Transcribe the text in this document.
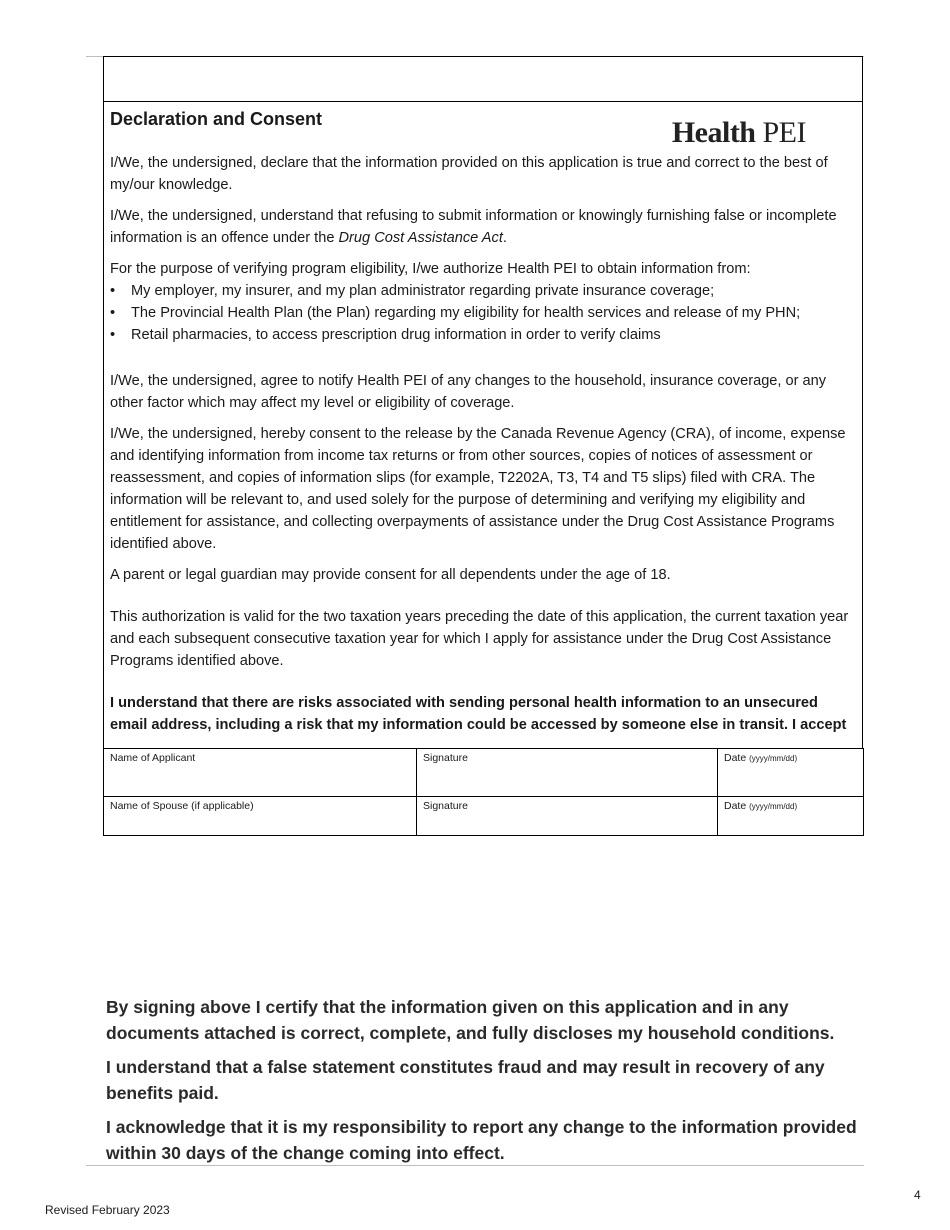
Declaration and Consent	Health PEI

I/We, the undersigned, declare that the information provided on this application is true and correct to the best of my/our knowledge.

I/We, the undersigned, understand that refusing to submit information or knowingly furnishing false or incomplete information is an offence under the Drug Cost Assistance Act.

For the purpose of verifying program eligibility, I/we authorize Health PEI to obtain information from:

• My employer, my insurer, and my plan administrator regarding private insurance coverage;
• The Provincial Health Plan (the Plan) regarding my eligibility for health services and release of my PHN;
• Retail pharmacies, to access prescription drug information in order to verify claims

I/We, the undersigned, agree to notify Health PEI of any changes to the household, insurance coverage, or any other factor which may affect my level or eligibility of coverage.

I/We, the undersigned, hereby consent to the release by the Canada Revenue Agency (CRA), of income, expense and identifying information from income tax returns or from other sources, copies of notices of assessment or reassessment, and copies of information slips (for example, T2202A, T3, T4 and T5 slips) filed with CRA. The information will be relevant to, and used solely for the purpose of determining and verifying my eligibility and entitlement for assistance, and collecting overpayments of assistance under the Drug Cost Assistance Programs identified above.

A parent or legal guardian may provide consent for all dependents under the age of 18.

This authorization is valid for the two taxation years preceding the date of this application, the current taxation year and each subsequent consecutive taxation year for which I apply for assistance under the Drug Cost Assistance Programs identified above.

I understand that there are risks associated with sending personal health information to an unsecured email address, including a risk that my information could be accessed by someone else in transit. I accept

Name of Applicant	Signature	Date (yyyy/mm/dd)
Name of Spouse (if applicable)	Signature	Date (yyyy/mm/dd)

By signing above I certify that the information given on this application and in any documents attached is correct, complete, and fully discloses my household conditions.

I understand that a false statement constitutes fraud and may result in recovery of any benefits paid.

I acknowledge that it is my responsibility to report any change to the information provided within 30 days of the change coming into effect.

4
Revised February 2023
